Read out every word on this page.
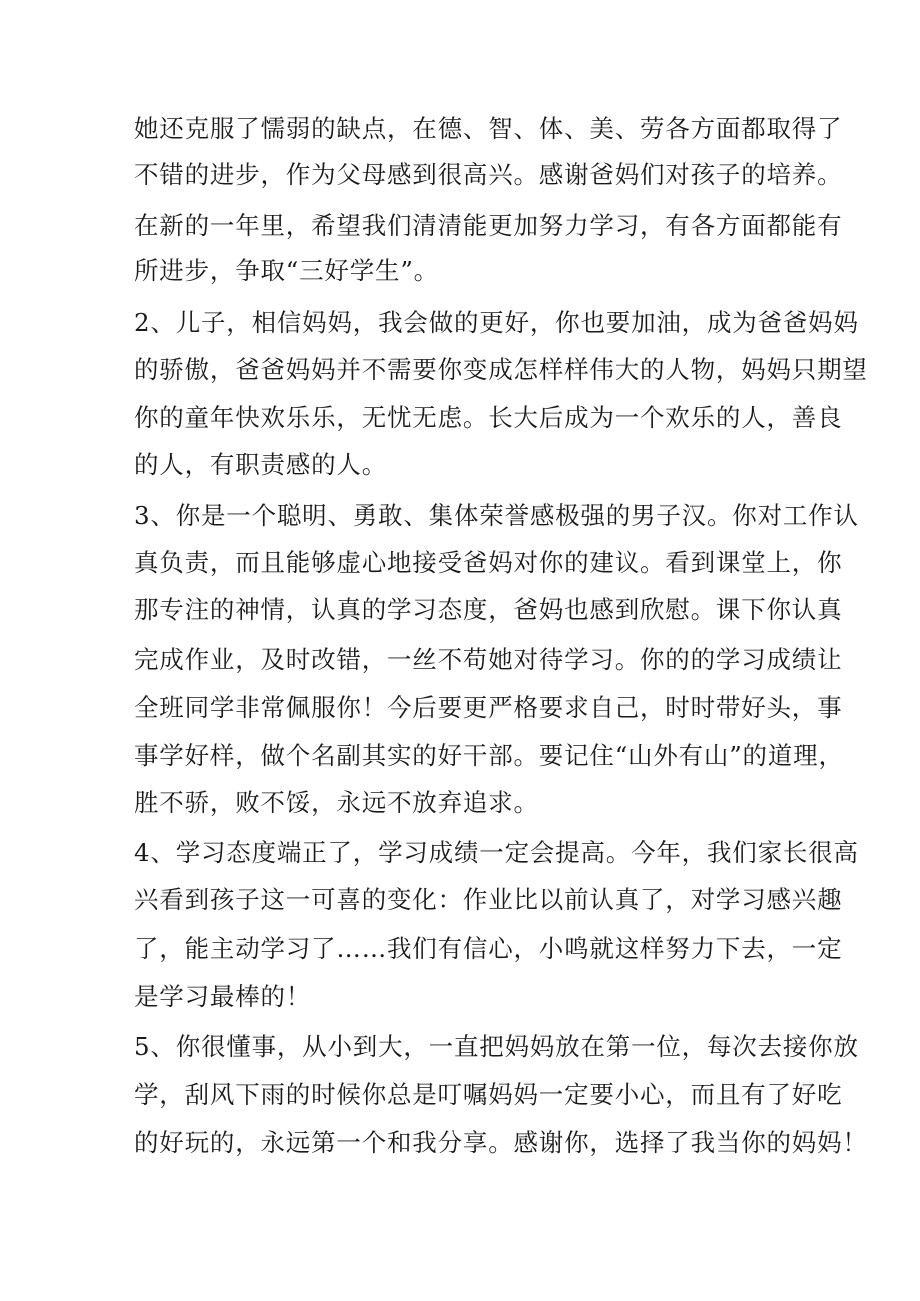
她还克服了懦弱的缺点，在德、智、体、美、劳各方面都取得了
不错的进步，作为父母感到很高兴。感谢爸妈们对孩子的培养。
在新的一年里，希望我们清清能更加努力学习，有各方面都能有
所进步，争取“三好学生”。
2、儿子，相信妈妈，我会做的更好，你也要加油，成为爸爸妈妈
的骄傲，爸爸妈妈并不需要你变成怎样样伟大的人物，妈妈只期望
你的童年快欢乐乐，无忧无虑。长大后成为一个欢乐的人，善良
的人，有职责感的人。
3、你是一个聪明、勇敢、集体荣誉感极强的男子汉。你对工作认
真负责，而且能够虚心地接受爸妈对你的建议。看到课堂上，你
那专注的神情，认真的学习态度，爸妈也感到欣慰。课下你认真
完成作业，及时改错，一丝不苟她对待学习。你的的学习成绩让
全班同学非常佩服你！今后要更严格要求自己，时时带好头，事
事学好样，做个名副其实的好干部。要记住“山外有山”的道理，
胜不骄，败不馁，永远不放弃追求。
4、学习态度端正了，学习成绩一定会提高。今年，我们家长很高
兴看到孩子这一可喜的变化：作业比以前认真了，对学习感兴趣
了，能主动学习了……我们有信心，小鸣就这样努力下去，一定
是学习最棒的！
5、你很懂事，从小到大，一直把妈妈放在第一位，每次去接你放
学，刮风下雨的时候你总是叮嘱妈妈一定要小心，而且有了好吃
的好玩的，永远第一个和我分享。感谢你，选择了我当你的妈妈！
